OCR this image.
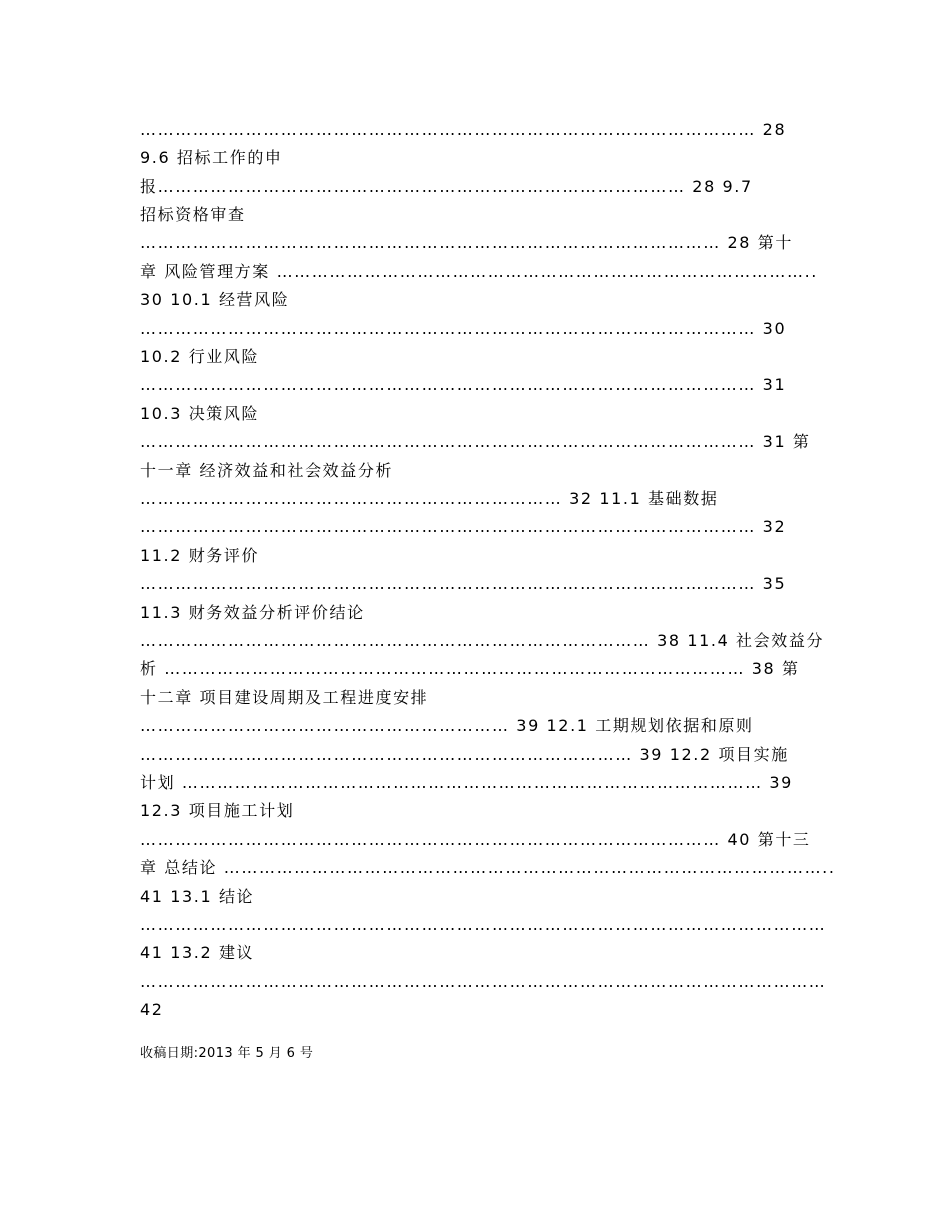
…………………………………………………………………………………………… 28
9.6 招标工作的申
报……………………………………………………………………………… 28 9.7
招标资格审查
……………………………………………………………………………………… 28 第十
章 风险管理方案 ………………………………………………………………………………..
30 10.1 经营风险
…………………………………………………………………………………………… 30
10.2 行业风险
…………………………………………………………………………………………… 31
10.3 决策风险
…………………………………………………………………………………………… 31 第
十一章 经济效益和社会效益分析
……………………………………………………………… 32 11.1 基础数据
…………………………………………………………………………………………… 32
11.2 财务评价
…………………………………………………………………………………………… 35
11.3 财务效益分析评价结论
…………………………………………………………………………… 38 11.4 社会效益分
析 ……………………………………………………………………………………… 38 第
十二章 项目建设周期及工程进度安排
……………………………………………………… 39 12.1 工期规划依据和原则
………………………………………………………………………… 39 12.2 项目实施
计划 ……………………………………………………………………………………… 39
12.3 项目施工计划
……………………………………………………………………………………… 40 第十三
章 总结论 …………………………………………………………………………………………..
41 13.1 结论
………………………………………………………………………………………………………
41 13.2 建议
………………………………………………………………………………………………………
42
收稿日期:2013 年 5 月 6 号
